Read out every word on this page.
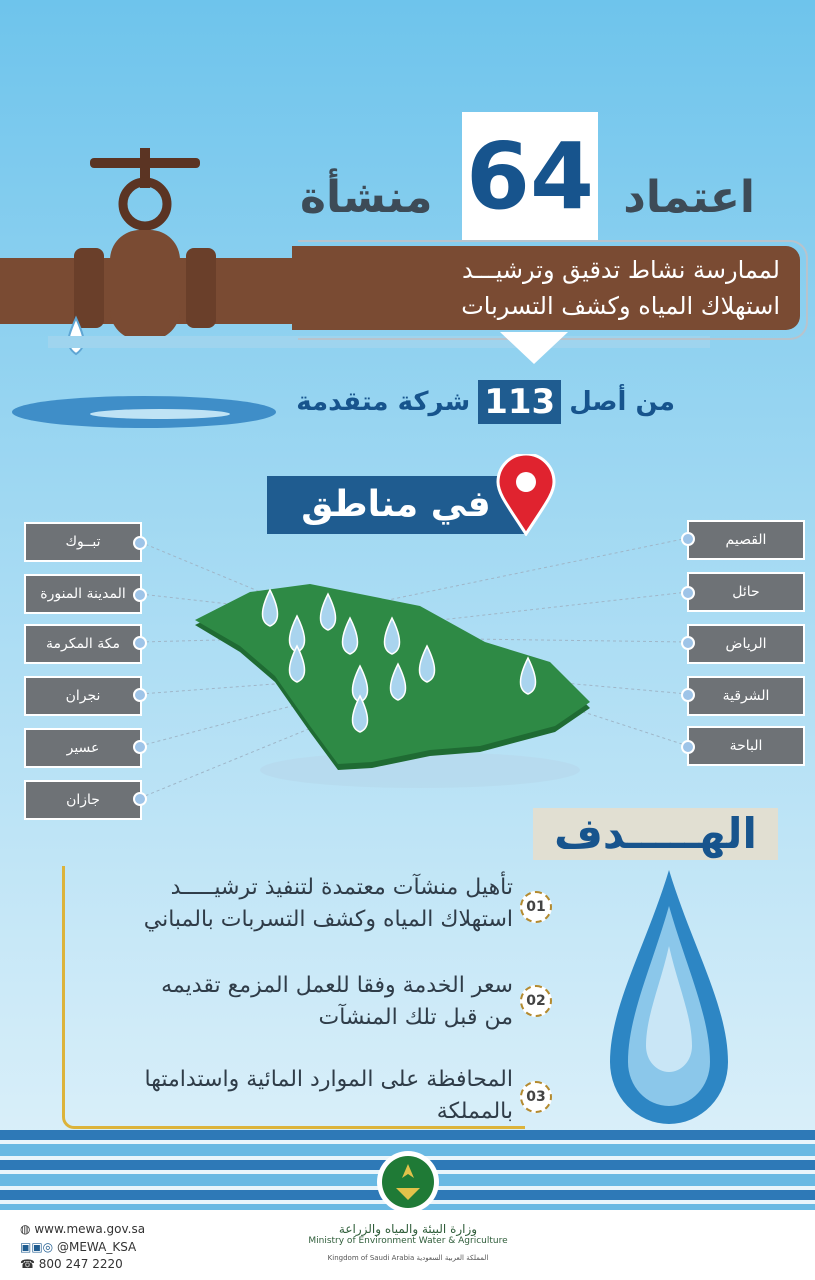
64
منشأة	اعتماد
لممارسة نشاط تدقيق وترشيـــد
استهلاك المياه وكشف التسربات
من أصل
113
شركة متقدمة
في مناطق
تبــوك
المدينة المنورة
مكة المكرمة
نجران
عسير
جازان
القصيم
حائل
الرياض
الشرقية
الباحة
الهـــــدف
تأهيل منشآت معتمدة لتنفيذ ترشيـــــد
استهلاك المياه وكشف التسربات بالمباني 01
سعر الخدمة وفقا للعمل المزمع تقديمه
من قبل تلك المنشآت
02
المحافظة على الموارد المائية واستدامتها
بالمملكة
03
◍ www.mewa.gov.sa
▣▣◎ @MEWA_KSA
☎ 800 247 2220
وزارة البيئة والمياه والزراعة
Ministry of Environment Water & Agriculture
Kingdom of Saudi Arabia المملكة العربية السعودية
